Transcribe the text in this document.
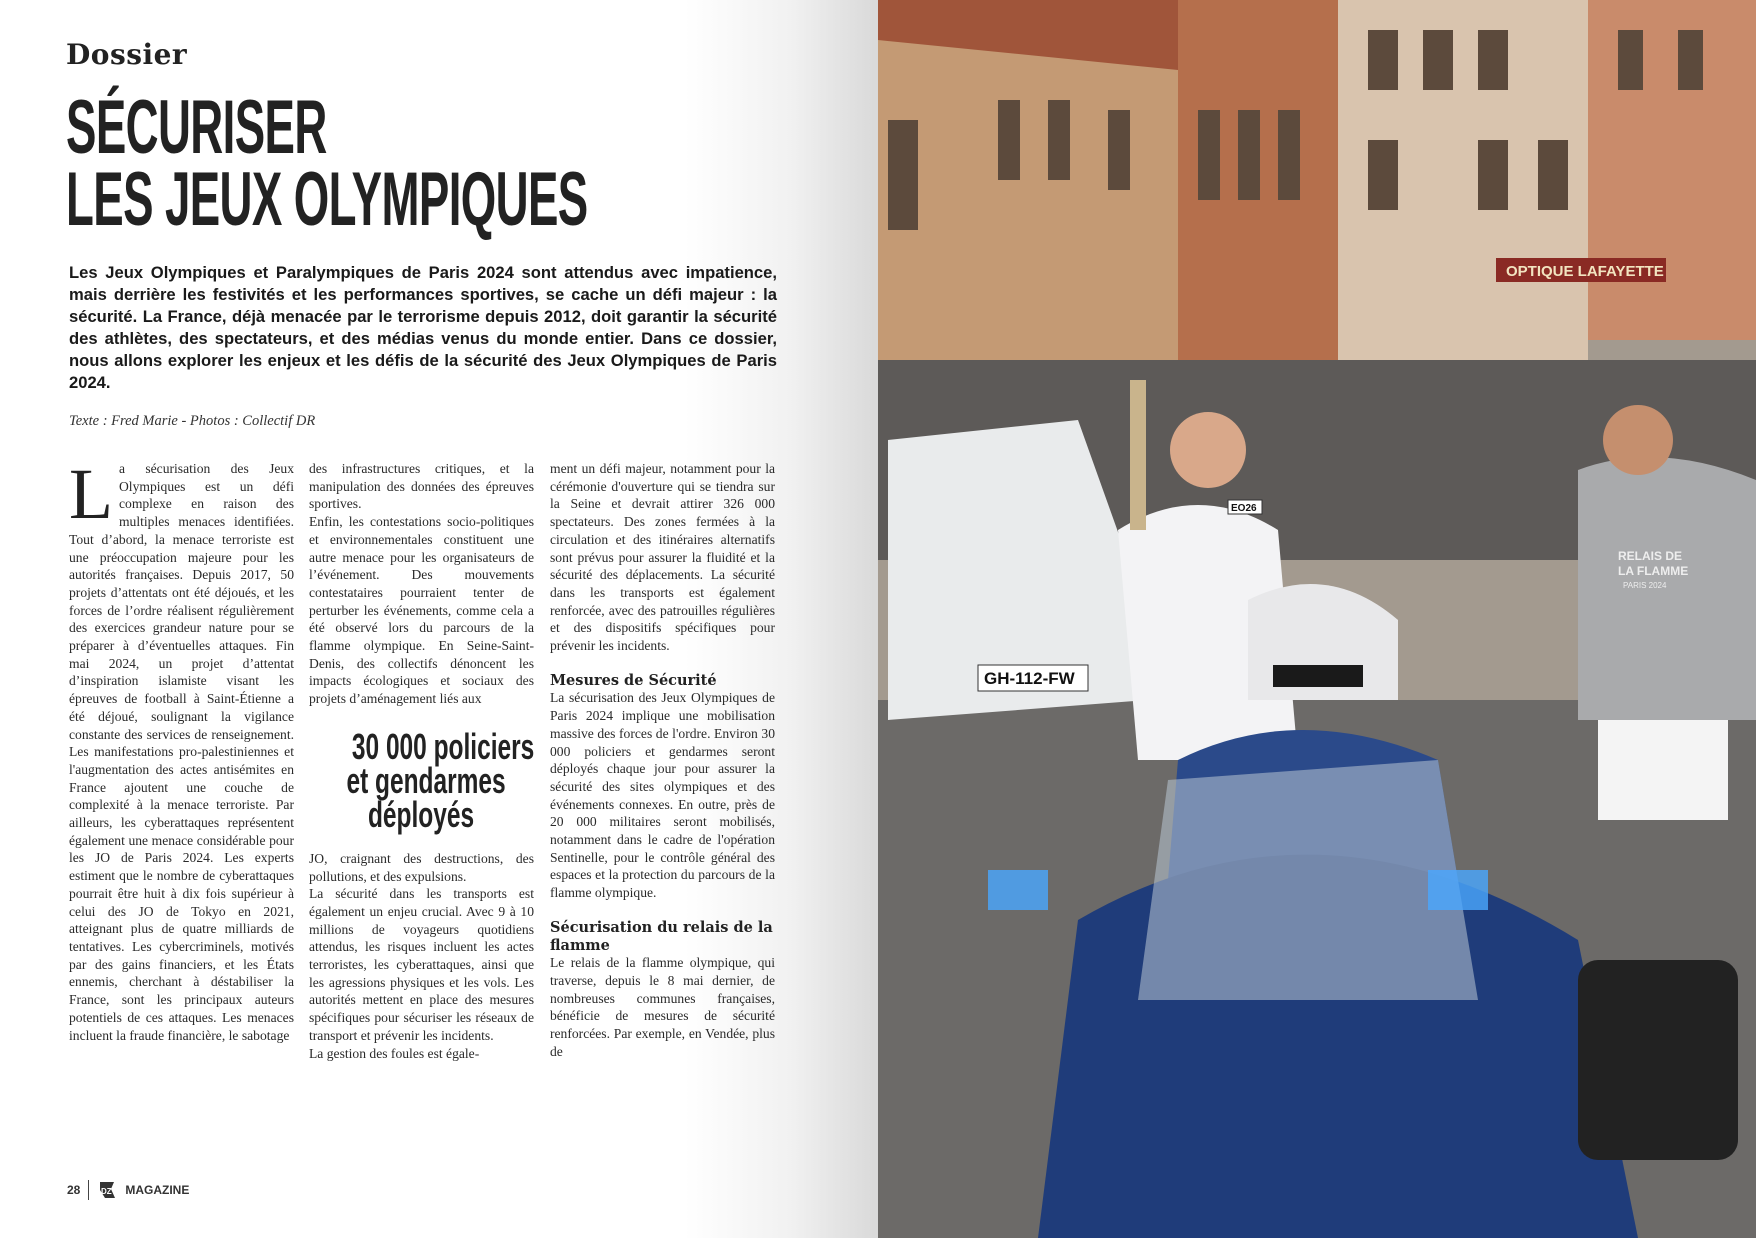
Dossier
SÉCURISER
LES JEUX OLYMPIQUES

Les Jeux Olympiques et Paralympiques de Paris 2024 sont attendus avec impatience, mais derrière les festivités et les performances sportives, se cache un défi majeur : la sécurité. La France, déjà menacée par le terrorisme depuis 2012, doit garantir la sécurité des athlètes, des spectateurs, et des médias venus du monde entier. Dans ce dossier, nous allons explorer les enjeux et les défis de la sécurité des Jeux Olympiques de Paris 2024.

Texte : Fred Marie - Photos : Collectif DR

La sécurisation des Jeux Olympiques est un défi complexe en raison des multiples menaces identifiées. Tout d’abord, la menace terroriste est une préoccupation majeure pour les autorités françaises. Depuis 2017, 50 projets d’attentats ont été déjoués, et les forces de l’ordre réalisent régulièrement des exercices grandeur nature pour se préparer à d’éventuelles attaques. Fin mai 2024, un projet d’attentat d’inspiration islamiste visant les épreuves de football à Saint-Étienne a été déjoué, soulignant la vigilance constante des services de renseignement. Les manifestations pro-palestiniennes et l'augmentation des actes antisémites en France ajoutent une couche de complexité à la menace terroriste. Par ailleurs, les cyberattaques représentent également une menace considérable pour les JO de Paris 2024. Les experts estiment que le nombre de cyberattaques pourrait être huit à dix fois supérieur à celui des JO de Tokyo en 2021, atteignant plus de quatre milliards de tentatives. Les cybercriminels, motivés par des gains financiers, et les États ennemis, cherchant à déstabiliser la France, sont les principaux auteurs potentiels de ces attaques. Les menaces incluent la fraude financière, le sabotage

des infrastructures critiques, et la manipulation des données des épreuves sportives.

Enfin, les contestations socio-politiques et environnementales constituent une autre menace pour les organisateurs de l’événement. Des mouvements contestataires pourraient tenter de perturber les événements, comme cela a été observé lors du parcours de la flamme olympique. En Seine-Saint-Denis, des collectifs dénoncent les impacts écologiques et sociaux des projets d’aménagement liés aux

30 000 policiers
et gendarmes
déployés

JO, craignant des destructions, des pollutions, et des expulsions.

La sécurité dans les transports est également un enjeu crucial. Avec 9 à 10 millions de voyageurs quotidiens attendus, les risques incluent les actes terroristes, les cyberattaques, ainsi que les agressions physiques et les vols. Les autorités mettent en place des mesures spécifiques pour sécuriser les réseaux de transport et prévenir les incidents.

La gestion des foules est égale-

ment un défi majeur, notamment pour la cérémonie d'ouverture qui se tiendra sur la Seine et devrait attirer 326 000 spectateurs. Des zones fermées à la circulation et des itinéraires alternatifs sont prévus pour assurer la fluidité et la sécurité des déplacements. La sécurité dans les transports est également renforcée, avec des patrouilles régulières et des dispositifs spécifiques pour prévenir les incidents.

Mesures de Sécurité

La sécurisation des Jeux Olympiques de Paris 2024 implique une mobilisation massive des forces de l'ordre. Environ 30 000 policiers et gendarmes seront déployés chaque jour pour assurer la sécurité des sites olympiques et des événements connexes. En outre, près de 20 000 militaires seront mobilisés, notamment dans le cadre de l'opération Sentinelle, pour le contrôle général des espaces et la protection du parcours de la flamme olympique.

Sécurisation du relais de la flamme

Le relais de la flamme olympique, qui traverse, depuis le 8 mai dernier, de nombreuses communes françaises, bénéficie de mesures de sécurité renforcées. Par exemple, en Vendée, plus de

28	DZ MAGAZINE
OPTIQUE LAFAYETTE
GH-112-FW
EO26
RELAIS DE
LA FLAMME
PARIS 2024
